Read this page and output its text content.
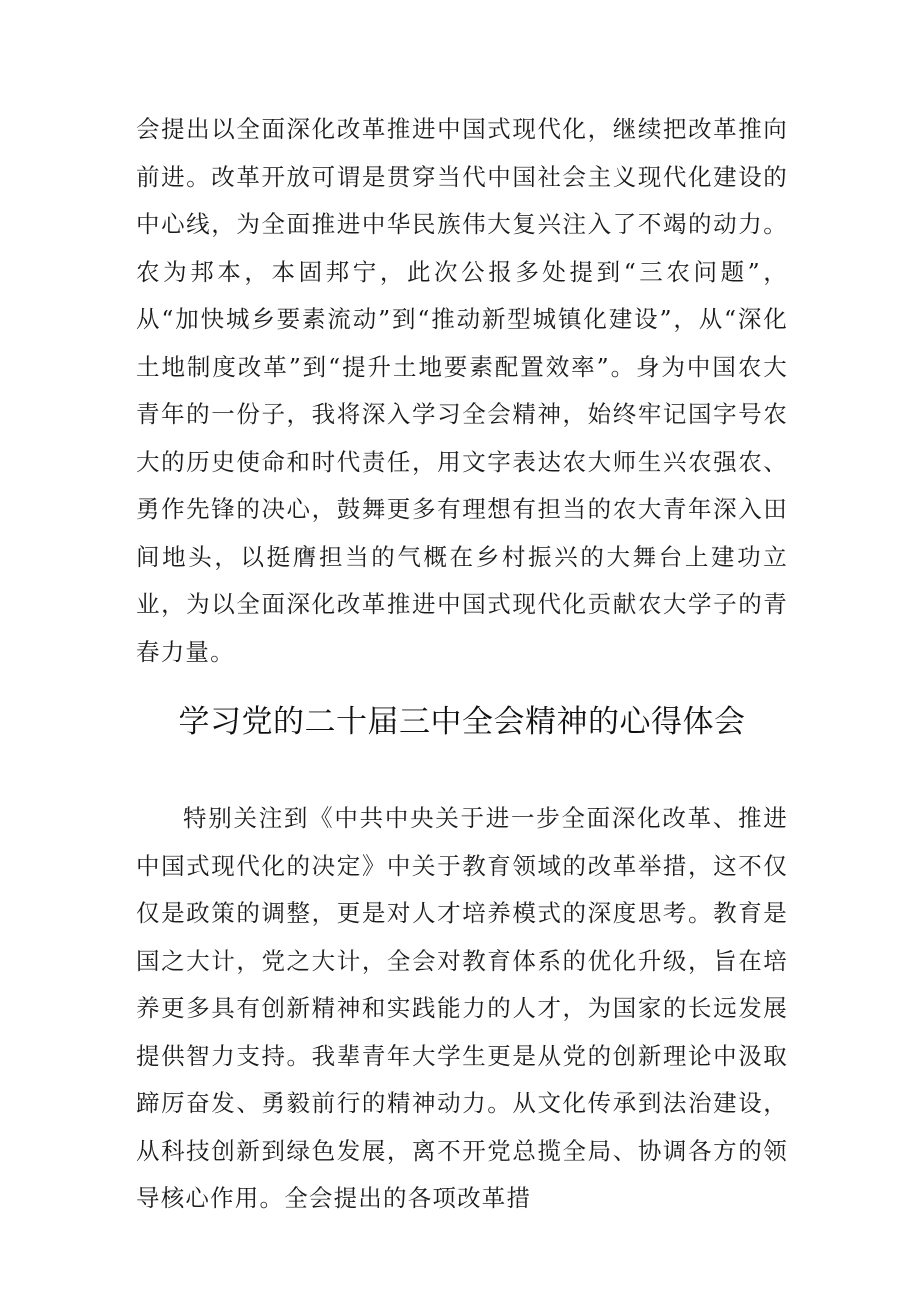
会提出以全面深化改革推进中国式现代化，继续把改革推向前进。改革开放可谓是贯穿当代中国社会主义现代化建设的中心线，为全面推进中华民族伟大复兴注入了不竭的动力。农为邦本，本固邦宁，此次公报多处提到“三农问题”，从“加快城乡要素流动”到“推动新型城镇化建设”，从“深化土地制度改革”到“提升土地要素配置效率”。身为中国农大青年的一份子，我将深入学习全会精神，始终牢记国字号农大的历史使命和时代责任，用文字表达农大师生兴农强农、勇作先锋的决心，鼓舞更多有理想有担当的农大青年深入田间地头，以挺膺担当的气概在乡村振兴的大舞台上建功立业，为以全面深化改革推进中国式现代化贡献农大学子的青春力量。

学习党的二十届三中全会精神的心得体会

特别关注到《中共中央关于进一步全面深化改革、推进中国式现代化的决定》中关于教育领域的改革举措，这不仅仅是政策的调整，更是对人才培养模式的深度思考。教育是国之大计，党之大计，全会对教育体系的优化升级，旨在培养更多具有创新精神和实践能力的人才，为国家的长远发展提供智力支持。我辈青年大学生更是从党的创新理论中汲取蹄厉奋发、勇毅前行的精神动力。从文化传承到法治建设，从科技创新到绿色发展，离不开党总揽全局、协调各方的领导核心作用。全会提出的各项改革措
